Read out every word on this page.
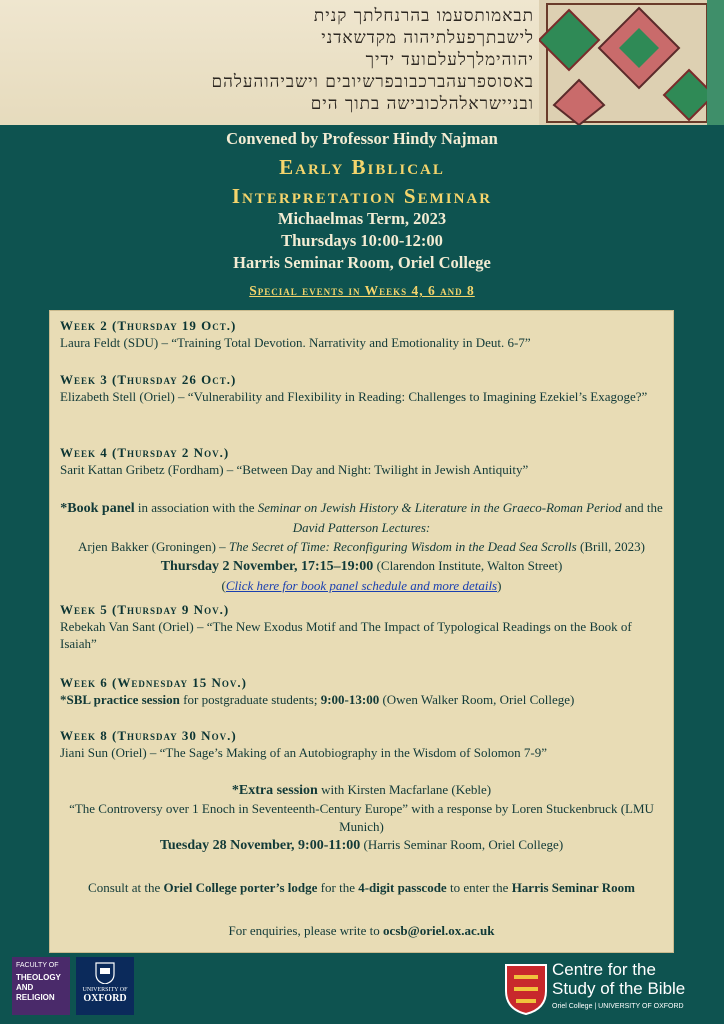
תבאמותסעמו בהרנחלתך קנית
לישבתךפעלתיהוה מקדשאדני
יהוהימלךלעלםועד ידיך
באסוספרעהברכבובפרשיובים וישביהוהעלהם
ובניישראלהלכובישה בתוך הים
Convened by Professor Hindy Najman
Early Biblical
Interpretation Seminar
Michaelmas Term, 2023
Thursdays 10:00-12:00
Harris Seminar Room, Oriel College
Special events in Weeks 4, 6 and 8
Week 2 (Thursday 19 Oct.)
Laura Feldt (SDU) – “Training Total Devotion. Narrativity and Emotionality in Deut. 6-7”
Week 3 (Thursday 26 Oct.)
Elizabeth Stell (Oriel) – “Vulnerability and Flexibility in Reading: Challenges to Imagining Ezekiel’s Exagoge?”
Week 4 (Thursday 2 Nov.)
Sarit Kattan Gribetz (Fordham) – “Between Day and Night: Twilight in Jewish Antiquity”
*Book panel in association with the Seminar on Jewish History & Literature in the Graeco-Roman Period and the David Patterson Lectures:
Arjen Bakker (Groningen) – The Secret of Time: Reconfiguring Wisdom in the Dead Sea Scrolls (Brill, 2023)
Thursday 2 November, 17:15–19:00 (Clarendon Institute, Walton Street)
(Click here for book panel schedule and more details)
Week 5 (Thursday 9 Nov.)
Rebekah Van Sant (Oriel) – “The New Exodus Motif and The Impact of Typological Readings on the Book of Isaiah”
Week 6 (Wednesday 15 Nov.)
*SBL practice session for postgraduate students; 9:00-13:00 (Owen Walker Room, Oriel College)
Week 8 (Thursday 30 Nov.)
Jiani Sun (Oriel) – “The Sage’s Making of an Autobiography in the Wisdom of Solomon 7-9”
*Extra session with Kirsten Macfarlane (Keble)
“The Controversy over 1 Enoch in Seventeenth-Century Europe” with a response by Loren Stuckenbruck (LMU Munich)
Tuesday 28 November, 9:00-11:00 (Harris Seminar Room, Oriel College)
Consult at the Oriel College porter’s lodge for the 4-digit passcode to enter the Harris Seminar Room
For enquiries, please write to ocsb@oriel.ox.ac.uk
FACULTY OF
THEOLOGY
AND
RELIGION
UNIVERSITY OF
OXFORD
Centre for the
Study of the Bible
Oriel College | UNIVERSITY OF OXFORD
